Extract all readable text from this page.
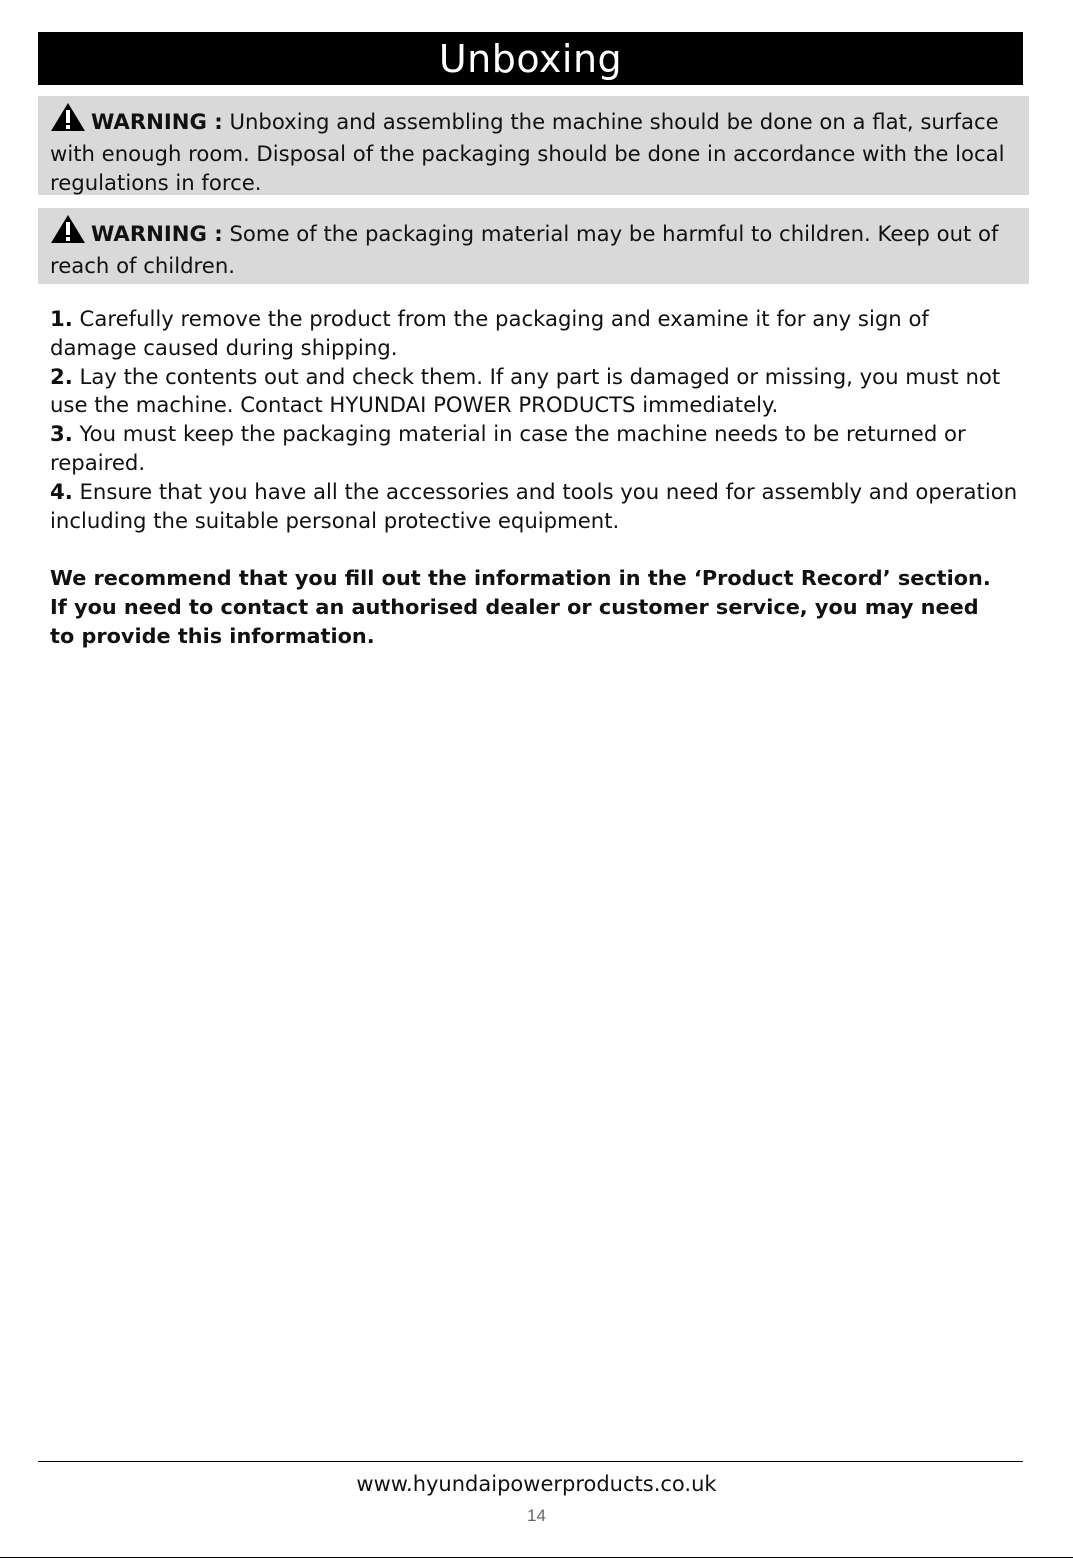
Unboxing
WARNING : Unboxing and assembling the machine should be done on a flat, surface with enough room. Disposal of the packaging should be done in accordance with the local regulations in force.
WARNING : Some of the packaging material may be harmful to children. Keep out of reach of children.

1. Carefully remove the product from the packaging and examine it for any sign of damage caused during shipping.

2. Lay the contents out and check them. If any part is damaged or missing, you must not use the machine. Contact HYUNDAI POWER PRODUCTS immediately.

3. You must keep the packaging material in case the machine needs to be returned or repaired.

4. Ensure that you have all the accessories and tools you need for assembly and operation including the suitable personal protective equipment.

We recommend that you fill out the information in the ‘Product Record’ section. If you need to contact an authorised dealer or customer service, you may need to provide this information.

www.hyundaipowerproducts.co.uk
14
